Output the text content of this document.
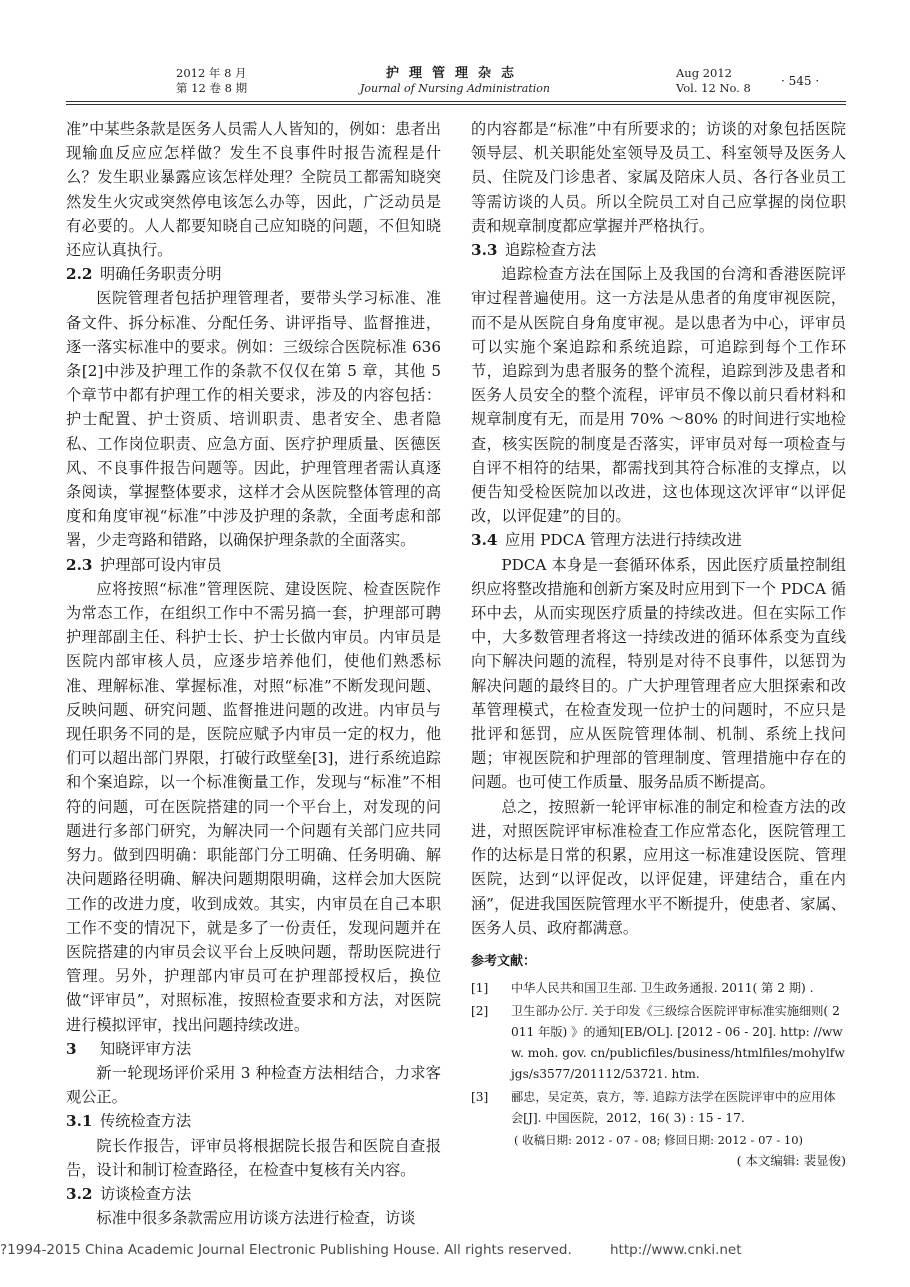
2012 年 8 月
第 12 卷 8 期
护理管理杂志
Journal of Nursing Administration
Aug 2012
Vol. 12 No. 8	· 545 ·

准”中某些条款是医务人员需人人皆知的，例如：患者出现输血反应应怎样做？发生不良事件时报告流程是什么？发生职业暴露应该怎样处理？全院员工都需知晓突然发生火灾或突然停电该怎么办等，因此，广泛动员是有必要的。人人都要知晓自己应知晓的问题，不但知晓还应认真执行。

2.2 明确任务职责分明

医院管理者包括护理管理者，要带头学习标准、准备文件、拆分标准、分配任务、讲评指导、监督推进，逐一落实标准中的要求。例如：三级综合医院标准 636 条[2]中涉及护理工作的条款不仅仅在第 5 章，其他 5 个章节中都有护理工作的相关要求，涉及的内容包括：护士配置、护士资质、培训职责、患者安全、患者隐私、工作岗位职责、应急方面、医疗护理质量、医德医风、不良事件报告问题等。因此，护理管理者需认真逐条阅读，掌握整体要求，这样才会从医院整体管理的高度和角度审视“标准”中涉及护理的条款，全面考虑和部署，少走弯路和错路，以确保护理条款的全面落实。

2.3 护理部可设内审员

应将按照“标准”管理医院、建设医院、检查医院作为常态工作，在组织工作中不需另搞一套，护理部可聘护理部副主任、科护士长、护士长做内审员。内审员是医院内部审核人员，应逐步培养他们，使他们熟悉标准、理解标准、掌握标准，对照“标准”不断发现问题、反映问题、研究问题、监督推进问题的改进。内审员与现任职务不同的是，医院应赋予内审员一定的权力，他们可以超出部门界限，打破行政壁垒[3]，进行系统追踪和个案追踪，以一个标准衡量工作，发现与“标准”不相符的问题，可在医院搭建的同一个平台上，对发现的问题进行多部门研究，为解决同一个问题有关部门应共同努力。做到四明确：职能部门分工明确、任务明确、解决问题路径明确、解决问题期限明确，这样会加大医院工作的改进力度，收到成效。其实，内审员在自己本职工作不变的情况下，就是多了一份责任，发现问题并在医院搭建的内审员会议平台上反映问题，帮助医院进行管理。另外，护理部内审员可在护理部授权后，换位做“评审员”，对照标准，按照检查要求和方法，对医院进行模拟评审，找出问题持续改进。

3 知晓评审方法

新一轮现场评价采用 3 种检查方法相结合，力求客观公正。

3.1 传统检查方法

院长作报告，评审员将根据院长报告和医院自查报告，设计和制订检查路径，在检查中复核有关内容。

3.2 访谈检查方法

标准中很多条款需应用访谈方法进行检查，访谈

的内容都是“标准”中有所要求的；访谈的对象包括医院领导层、机关职能处室领导及员工、科室领导及医务人员、住院及门诊患者、家属及陪床人员、各行各业员工等需访谈的人员。所以全院员工对自己应掌握的岗位职责和规章制度都应掌握并严格执行。

3.3 追踪检查方法

追踪检查方法在国际上及我国的台湾和香港医院评审过程普遍使用。这一方法是从患者的角度审视医院，而不是从医院自身角度审视。是以患者为中心，评审员可以实施个案追踪和系统追踪，可追踪到每个工作环节，追踪到为患者服务的整个流程，追踪到涉及患者和医务人员安全的整个流程，评审员不像以前只看材料和规章制度有无，而是用 70% ～80% 的时间进行实地检查，核实医院的制度是否落实，评审员对每一项检查与自评不相符的结果，都需找到其符合标准的支撑点，以便告知受检医院加以改进，这也体现这次评审“以评促改，以评促建”的目的。

3.4 应用 PDCA 管理方法进行持续改进

PDCA 本身是一套循环体系，因此医疗质量控制组织应将整改措施和创新方案及时应用到下一个 PDCA 循环中去，从而实现医疗质量的持续改进。但在实际工作中，大多数管理者将这一持续改进的循环体系变为直线向下解决问题的流程，特别是对待不良事件，以惩罚为解决问题的最终目的。广大护理管理者应大胆探索和改革管理模式，在检查发现一位护士的问题时，不应只是批评和惩罚，应从医院管理体制、机制、系统上找问题；审视医院和护理部的管理制度、管理措施中存在的问题。也可使工作质量、服务品质不断提高。

总之，按照新一轮评审标准的制定和检查方法的改进，对照医院评审标准检查工作应常态化，医院管理工作的达标是日常的积累，应用这一标准建设医院、管理医院，达到“以评促改，以评促建，评建结合，重在内涵”，促进我国医院管理水平不断提升，使患者、家属、医务人员、政府都满意。

参考文献：
[1]	中华人民共和国卫生部. 卫生政务通报. 2011( 第 2 期) .
[2]	卫生部办公厅. 关于印发《三级综合医院评审标准实施细则( 2011 年版) 》的通知[EB/OL]. [2012 - 06 - 20]. http: //www. moh. gov. cn/publicfiles/business/htmlfiles/mohylfwjgs/s3577/201112/53721. htm.
[3]	郦忠，吴定英，袁方，等. 追踪方法学在医院评审中的应用体会[J]. 中国医院，2012，16( 3) : 15 - 17.
( 收稿日期: 2012 - 07 - 08; 修回日期: 2012 - 07 - 10)
( 本文编辑: 裴显俊)
?1994-2015 China Academic Journal Electronic Publishing House. All rights reserved.	http://www.cnki.net
